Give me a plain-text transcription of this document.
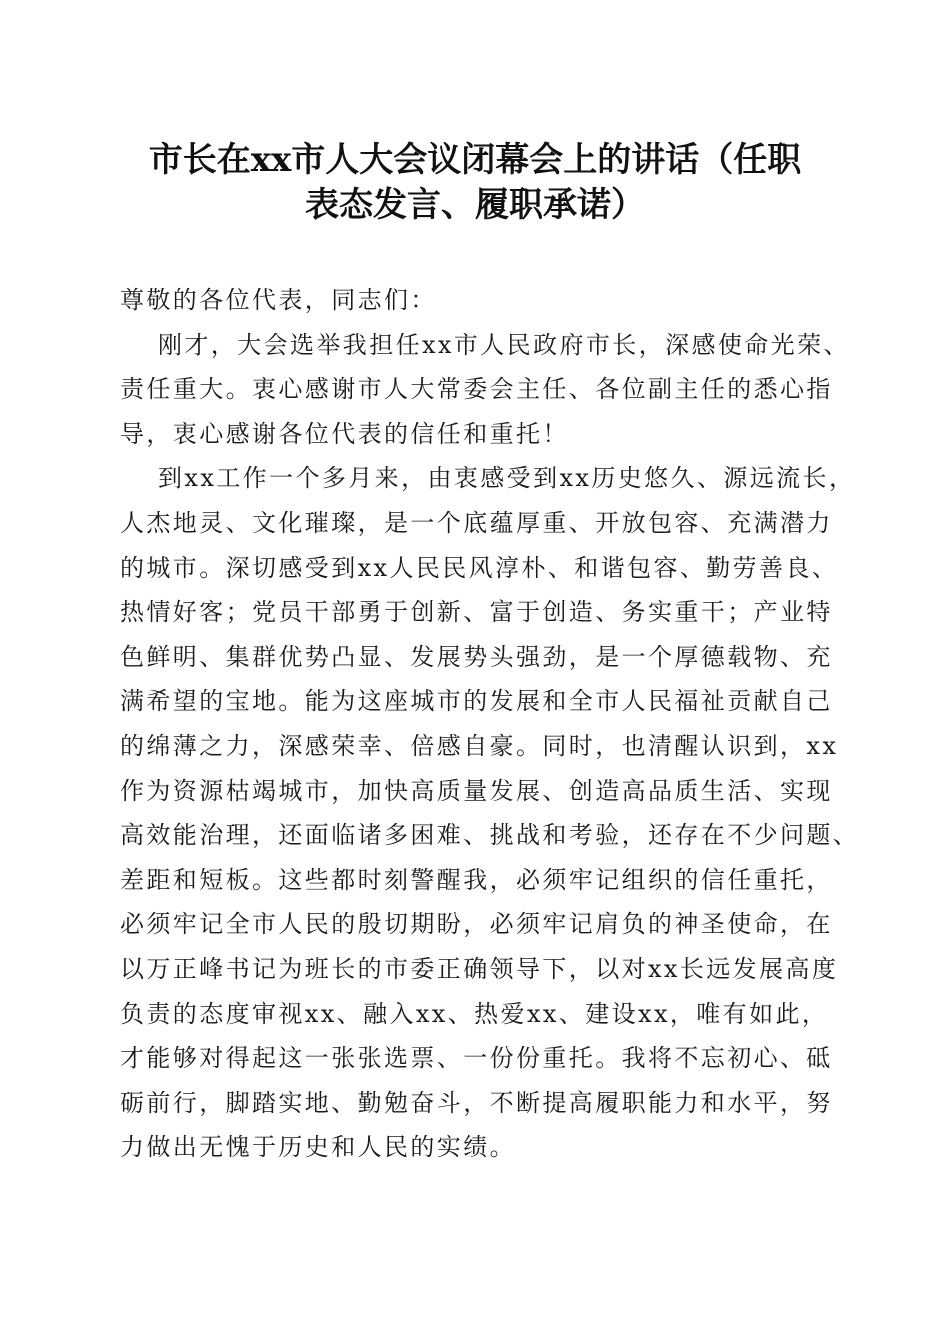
市长在xx市人大会议闭幕会上的讲话（任职
表态发言、履职承诺）
尊敬的各位代表，同志们：
刚才，大会选举我担任xx市人民政府市长，深感使命光荣、
责任重大。衷心感谢市人大常委会主任、各位副主任的悉心指
导，衷心感谢各位代表的信任和重托！
到xx工作一个多月来，由衷感受到xx历史悠久、源远流长，
人杰地灵、文化璀璨，是一个底蕴厚重、开放包容、充满潜力
的城市。深切感受到xx人民民风淳朴、和谐包容、勤劳善良、
热情好客；党员干部勇于创新、富于创造、务实重干；产业特
色鲜明、集群优势凸显、发展势头强劲，是一个厚德载物、充
满希望的宝地。能为这座城市的发展和全市人民福祉贡献自己
的绵薄之力，深感荣幸、倍感自豪。同时，也清醒认识到，xx
作为资源枯竭城市，加快高质量发展、创造高品质生活、实现
高效能治理，还面临诸多困难、挑战和考验，还存在不少问题、
差距和短板。这些都时刻警醒我，必须牢记组织的信任重托，
必须牢记全市人民的殷切期盼，必须牢记肩负的神圣使命，在
以万正峰书记为班长的市委正确领导下，以对xx长远发展高度
负责的态度审视xx、融入xx、热爱xx、建设xx，唯有如此，
才能够对得起这一张张选票、一份份重托。我将不忘初心、砥
砺前行，脚踏实地、勤勉奋斗，不断提高履职能力和水平，努
力做出无愧于历史和人民的实绩。
